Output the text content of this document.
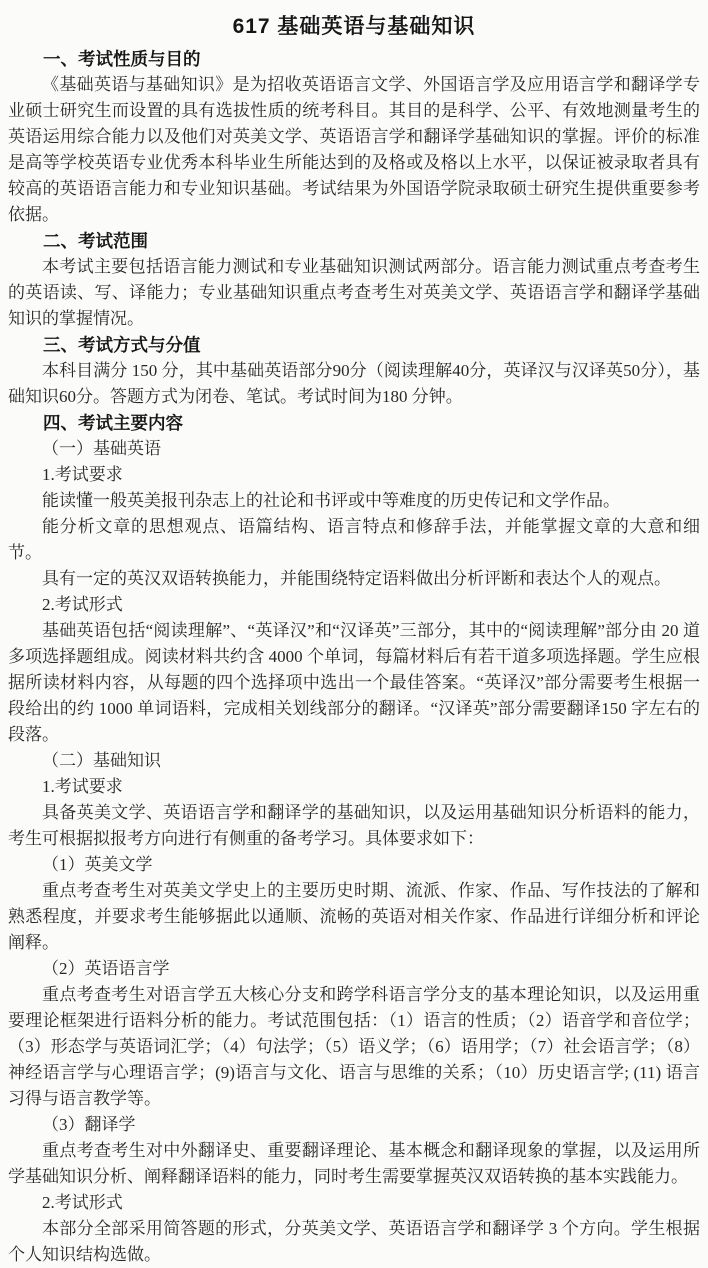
617 基础英语与基础知识
一、考试性质与目的

《基础英语与基础知识》是为招收英语语言文学、外国语言学及应用语言学和翻译学专业硕士研究生而设置的具有选拔性质的统考科目。其目的是科学、公平、有效地测量考生的英语运用综合能力以及他们对英美文学、英语语言学和翻译学基础知识的掌握。评价的标准是高等学校英语专业优秀本科毕业生所能达到的及格或及格以上水平，以保证被录取者具有较高的英语语言能力和专业知识基础。考试结果为外国语学院录取硕士研究生提供重要参考依据。

二、考试范围

本考试主要包括语言能力测试和专业基础知识测试两部分。语言能力测试重点考查考生的英语读、写、译能力；专业基础知识重点考查考生对英美文学、英语语言学和翻译学基础知识的掌握情况。

三、考试方式与分值

本科目满分 150 分，其中基础英语部分90分（阅读理解40分，英译汉与汉译英50分），基础知识60分。答题方式为闭卷、笔试。考试时间为180 分钟。

四、考试主要内容

（一）基础英语

1.考试要求

能读懂一般英美报刊杂志上的社论和书评或中等难度的历史传记和文学作品。

能分析文章的思想观点、语篇结构、语言特点和修辞手法，并能掌握文章的大意和细节。

具有一定的英汉双语转换能力，并能围绕特定语料做出分析评断和表达个人的观点。

2.考试形式

基础英语包括“阅读理解”、“英译汉”和“汉译英”三部分，其中的“阅读理解”部分由 20 道多项选择题组成。阅读材料共约含 4000 个单词，每篇材料后有若干道多项选择题。学生应根据所读材料内容，从每题的四个选择项中选出一个最佳答案。“英译汉”部分需要考生根据一段给出的约 1000 单词语料，完成相关划线部分的翻译。“汉译英”部分需要翻译150 字左右的段落。

（二）基础知识

1.考试要求

具备英美文学、英语语言学和翻译学的基础知识，以及运用基础知识分析语料的能力，考生可根据拟报考方向进行有侧重的备考学习。具体要求如下：

（1）英美文学

重点考查考生对英美文学史上的主要历史时期、流派、作家、作品、写作技法的了解和熟悉程度，并要求考生能够据此以通顺、流畅的英语对相关作家、作品进行详细分析和评论阐释。

（2）英语语言学

重点考查考生对语言学五大核心分支和跨学科语言学分支的基本理论知识，以及运用重要理论框架进行语料分析的能力。考试范围包括：（1）语言的性质；（2）语音学和音位学；（3）形态学与英语词汇学；（4）句法学；（5）语义学；（6）语用学；（7）社会语言学；（8）神经语言学与心理语言学；(9)语言与文化、语言与思维的关系；（10）历史语言学; (11) 语言习得与语言教学等。

（3）翻译学

重点考查考生对中外翻译史、重要翻译理论、基本概念和翻译现象的掌握，以及运用所学基础知识分析、阐释翻译语料的能力，同时考生需要掌握英汉双语转换的基本实践能力。

2.考试形式

本部分全部采用简答题的形式，分英美文学、英语语言学和翻译学 3 个方向。学生根据个人知识结构选做。
